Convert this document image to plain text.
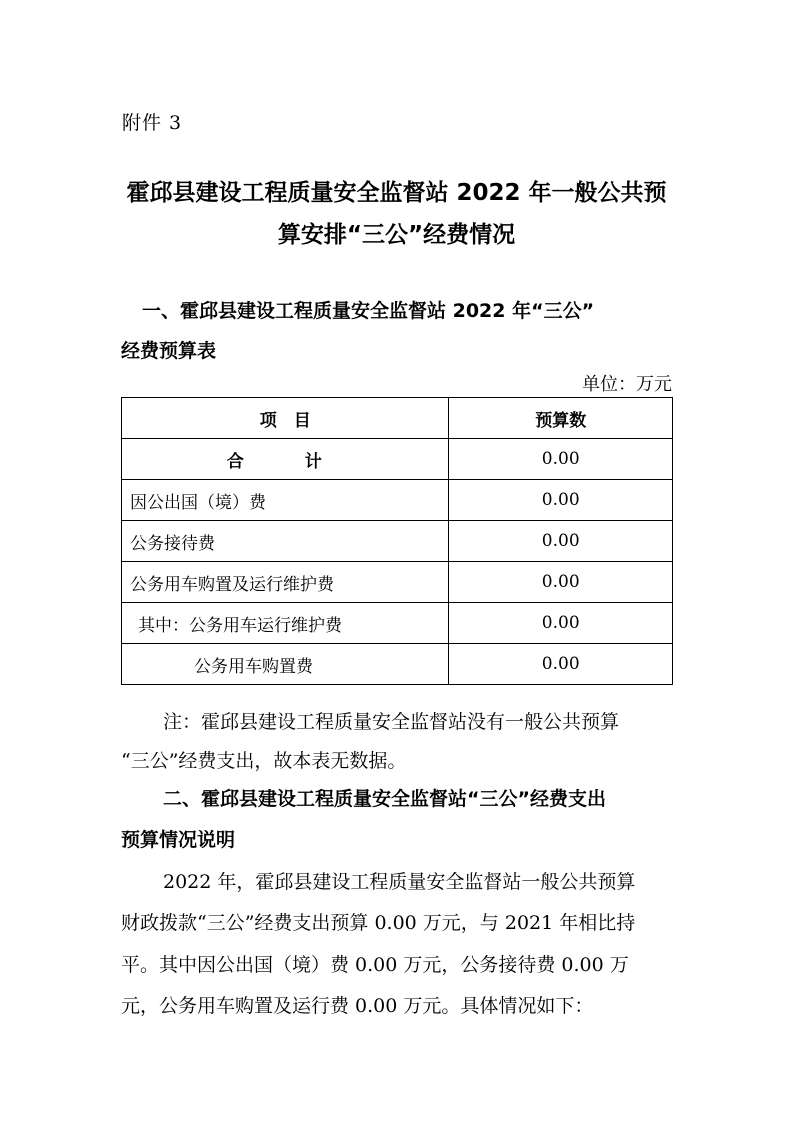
附件 3
霍邱县建设工程质量安全监督站 2022 年一般公共预
算安排“三公”经费情况
一、霍邱县建设工程质量安全监督站 2022 年“三公”
经费预算表
单位：万元
项　目	预算数
合　计	0.00
因公出国（境）费	0.00
公务接待费	0.00
公务用车购置及运行维护费	0.00
其中：公务用车运行维护费	0.00
公务用车购置费	0.00
注：霍邱县建设工程质量安全监督站没有一般公共预算
“三公”经费支出，故本表无数据。
二、霍邱县建设工程质量安全监督站“三公”经费支出
预算情况说明
2022 年，霍邱县建设工程质量安全监督站一般公共预算
财政拨款“三公”经费支出预算 0.00 万元，与 2021 年相比持
平。其中因公出国（境）费 0.00 万元，公务接待费 0.00 万
元，公务用车购置及运行费 0.00 万元。具体情况如下：
